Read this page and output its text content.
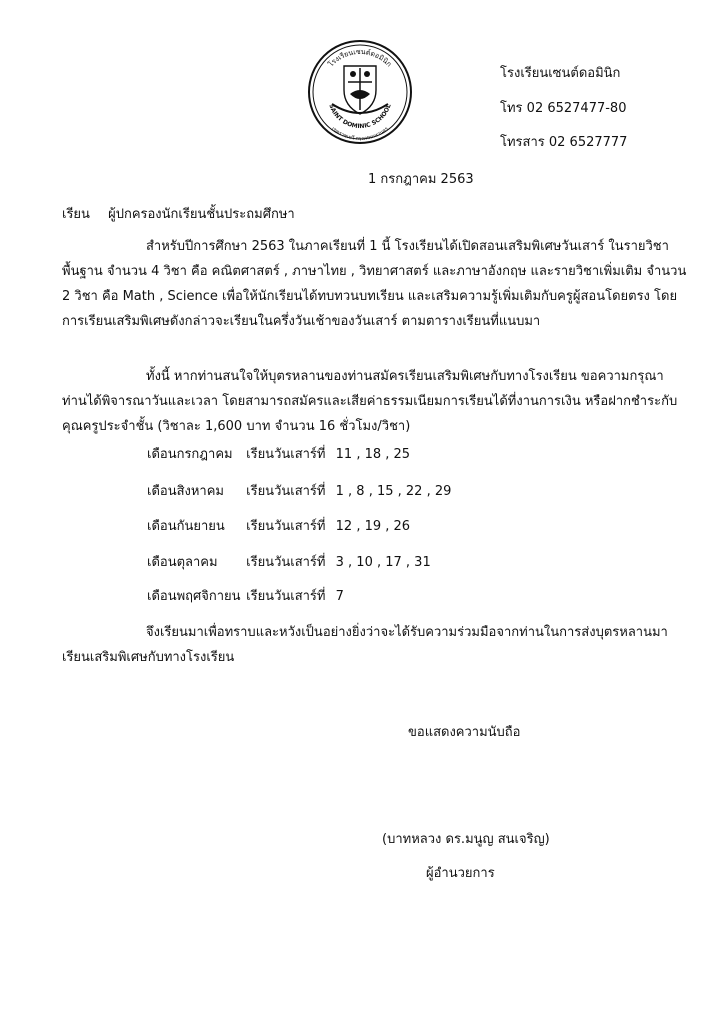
โรงเรียนเซนต์ดอมินิก
SAINT DOMINIC SCHOOL
เขตราชเทวี กรุงเทพมหานคร
โรงเรียนเซนต์ดอมินิก
โทร 02 6527477-80
โทรสาร 02 6527777
1 กรกฎาคม 2563
เรียน ผู้ปกครองนักเรียนชั้นประถมศึกษา
สำหรับปีการศึกษา 2563 ในภาคเรียนที่ 1 นี้ โรงเรียนได้เปิดสอนเสริมพิเศษวันเสาร์ ในรายวิชา
พื้นฐาน จำนวน 4 วิชา คือ คณิตศาสตร์ , ภาษาไทย , วิทยาศาสตร์ และภาษาอังกฤษ และรายวิชาเพิ่มเติม จำนวน
2 วิชา คือ Math , Science เพื่อให้นักเรียนได้ทบทวนบทเรียน และเสริมความรู้เพิ่มเติมกับครูผู้สอนโดยตรง โดย
การเรียนเสริมพิเศษดังกล่าวจะเรียนในครึ่งวันเช้าของวันเสาร์ ตามตารางเรียนที่แนบมา
ทั้งนี้ หากท่านสนใจให้บุตรหลานของท่านสมัครเรียนเสริมพิเศษกับทางโรงเรียน ขอความกรุณา
ท่านได้พิจารณาวันและเวลา โดยสามารถสมัครและเสียค่าธรรมเนียมการเรียนได้ที่งานการเงิน หรือฝากชำระกับ
คุณครูประจำชั้น (วิชาละ 1,600 บาท จำนวน 16 ชั่วโมง/วิชา)
เดือนกรกฎาคม เรียนวันเสาร์ที่ 11 , 18 , 25
เดือนสิงหาคม เรียนวันเสาร์ที่ 1 , 8 , 15 , 22 , 29
เดือนกันยายน เรียนวันเสาร์ที่ 12 , 19 , 26
เดือนตุลาคม เรียนวันเสาร์ที่ 3 , 10 , 17 , 31
เดือนพฤศจิกายน เรียนวันเสาร์ที่ 7
จึงเรียนมาเพื่อทราบและหวังเป็นอย่างยิ่งว่าจะได้รับความร่วมมือจากท่านในการส่งบุตรหลานมา
เรียนเสริมพิเศษกับทางโรงเรียน
ขอแสดงความนับถือ
(บาทหลวง ดร.มนูญ สนเจริญ)
ผู้อำนวยการ
